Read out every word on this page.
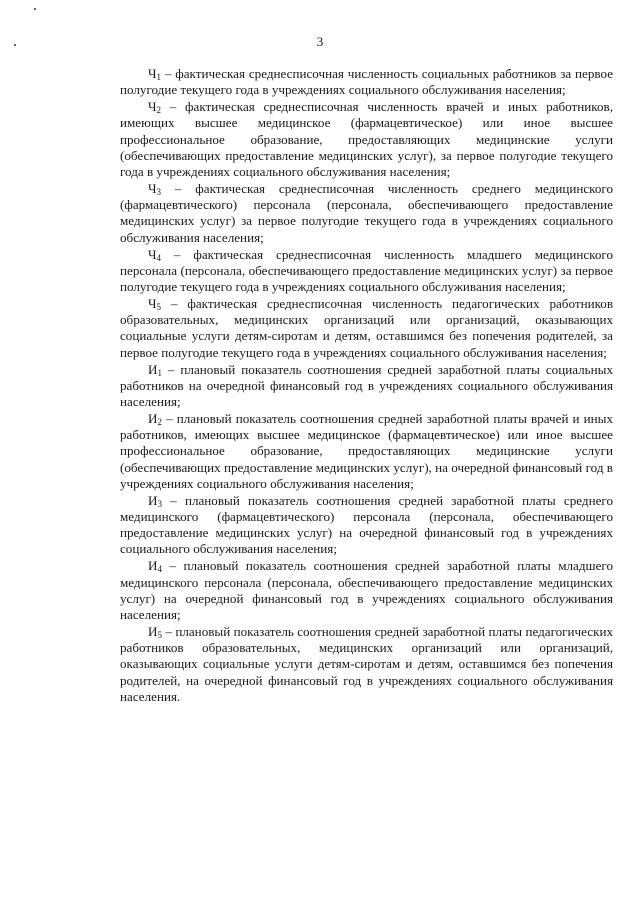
3

$Ч_1$ – фактическая среднесписочная численность социальных работников за первое полугодие текущего года в учреждениях социального обслуживания населения;

$Ч_2$ – фактическая среднесписочная численность врачей и иных работников, имеющих высшее медицинское (фармацевтическое) или иное высшее профессиональное образование, предоставляющих медицинские услуги (обеспечивающих предоставление медицинских услуг), за первое полугодие текущего года в учреждениях социального обслуживания населения;

$Ч_3$ – фактическая среднесписочная численность среднего медицинского (фармацевтического) персонала (персонала, обеспечивающего предоставление медицинских услуг) за первое полугодие текущего года в учреждениях социального обслуживания населения;

$Ч_4$ – фактическая среднесписочная численность младшего медицинского персонала (персонала, обеспечивающего предоставление медицинских услуг) за первое полугодие текущего года в учреждениях социального обслуживания населения;

$Ч_5$ – фактическая среднесписочная численность педагогических работников образовательных, медицинских организаций или организаций, оказывающих социальные услуги детям-сиротам и детям, оставшимся без попечения родителей, за первое полугодие текущего года в учреждениях социального обслуживания населения;

$И_1$ – плановый показатель соотношения средней заработной платы социальных работников на очередной финансовый год в учреждениях социального обслуживания населения;

$И_2$ – плановый показатель соотношения средней заработной платы врачей и иных работников, имеющих высшее медицинское (фармацевтическое) или иное высшее профессиональное образование, предоставляющих медицинские услуги (обеспечивающих предоставление медицинских услуг), на очередной финансовый год в учреждениях социального обслуживания населения;

$И_3$ – плановый показатель соотношения средней заработной платы среднего медицинского (фармацевтического) персонала (персонала, обеспечивающего предоставление медицинских услуг) на очередной финансовый год в учреждениях социального обслуживания населения;

$И_4$ – плановый показатель соотношения средней заработной платы младшего медицинского персонала (персонала, обеспечивающего предоставление медицинских услуг) на очередной финансовый год в учреждениях социального обслуживания населения;

$И_5$ – плановый показатель соотношения средней заработной платы педагогических работников образовательных, медицинских организаций или организаций, оказывающих социальные услуги детям-сиротам и детям, оставшимся без попечения родителей, на очередной финансовый год в учреждениях социального обслуживания населения.
